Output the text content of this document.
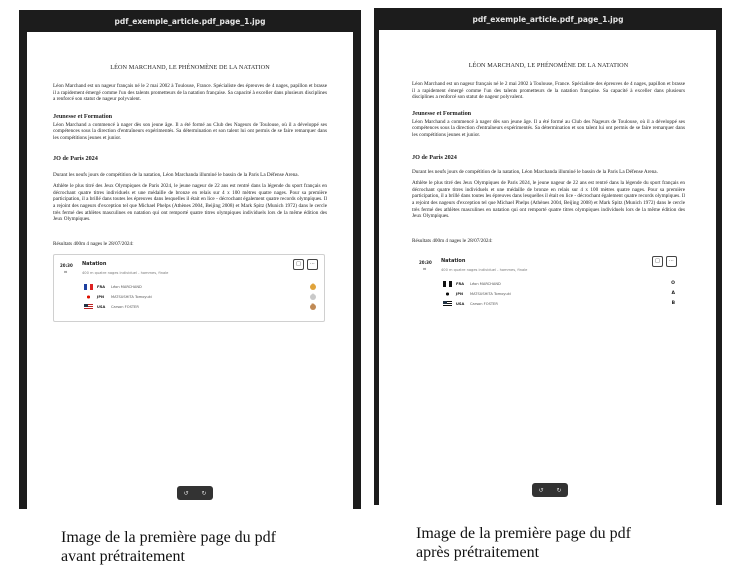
pdf_exemple_article.pdf_page_1.jpg
LÉON MARCHAND, LE PHÉNOMÈNE DE LA NATATION

Léon Marchand est un nageur français né le 2 mai 2002 à Toulouse, France. Spécialiste des épreuves de 4 nages, papillon et brasse il a rapidement émergé comme l'un des talents prometteurs de la natation française. Sa capacité à exceller dans plusieurs disciplines a renforcé son statut de nageur polyvalent.

Jeunesse et Formation

Léon Marchand a commencé à nager dès son jeune âge. Il a été formé au Club des Nageurs de Toulouse, où il a développé ses compétences sous la direction d'entraîneurs expérimentés. Sa détermination et son talent lui ont permis de se faire remarquer dans les compétitions jeunes et junior.

JO de Paris 2024

Durant les neufs jours de compétition de la natation, Léon Marchanda illuminé le bassin de la Paris La Défense Arena.

Athlète le plus titré des Jeux Olympiques de Paris 2024, le jeune nageur de 22 ans est rentré dans la légende du sport français en décrochant quatre titres individuels et une médaille de bronze en relais sur 4 x 100 mètres quatre nages. Pour sa première participation, il a brillé dans toutes les épreuves dans lesquelles il était en lice - décrochant également quatre records olympiques. Il a rejoint des nageurs d'exception tel que Michael Phelps (Athènes 2004, Beijing 2008) et Mark Spitz (Munich 1972) dans le cercle très fermé des athlètes masculines en natation qui ont remporté quatre titres olympiques individuels lors de la même édition des Jeux Olympiques.

Résultats 400m 4 nages le 28/07/2024:

20:30
≈
Natation
400 m quatre nages individuel - hommes, finale
□	⋯
FRA	Léon MARCHAND	O
JPN	MATSUSHITA Tomoyuki	A
USA	Carson FOSTER	B
↺ ↻
pdf_exemple_article.pdf_page_1.jpg
LÉON MARCHAND, LE PHÉNOMÈNE DE LA NATATION

Léon Marchand est un nageur français né le 2 mai 2002 à Toulouse, France. Spécialiste des épreuves de 4 nages, papillon et brasse il a rapidement émergé comme l'un des talents prometteurs de la natation française. Sa capacité à exceller dans plusieurs disciplines a renforcé son statut de nageur polyvalent.

Jeunesse et Formation

Léon Marchand a commencé à nager dès son jeune âge. Il a été formé au Club des Nageurs de Toulouse, où il a développé ses compétences sous la direction d'entraîneurs expérimentés. Sa détermination et son talent lui ont permis de se faire remarquer dans les compétitions jeunes et junior.

JO de Paris 2024

Durant les neufs jours de compétition de la natation, Léon Marchanda illuminé le bassin de la Paris La Défense Arena.

Athlète le plus titré des Jeux Olympiques de Paris 2024, le jeune nageur de 22 ans est rentré dans la légende du sport français en décrochant quatre titres individuels et une médaille de bronze en relais sur 4 x 100 mètres quatre nages. Pour sa première participation, il a brillé dans toutes les épreuves dans lesquelles il était en lice - décrochant également quatre records olympiques. Il a rejoint des nageurs d'exception tel que Michael Phelps (Athènes 2004, Beijing 2008) et Mark Spitz (Munich 1972) dans le cercle très fermé des athlètes masculines en natation qui ont remporté quatre titres olympiques individuels lors de la même édition des Jeux Olympiques.

Résultats 400m 4 nages le 28/07/2024:

20:30
≈
Natation
400 m quatre nages individuel - hommes, finale
□	⋯
FRA	Léon MARCHAND	O
JPN	MATSUSHITA Tomoyuki	A
USA	Carson FOSTER	B
↺ ↻
Image de la première page du pdf
avant prétraitement
Image de la première page du pdf
après prétraitement
